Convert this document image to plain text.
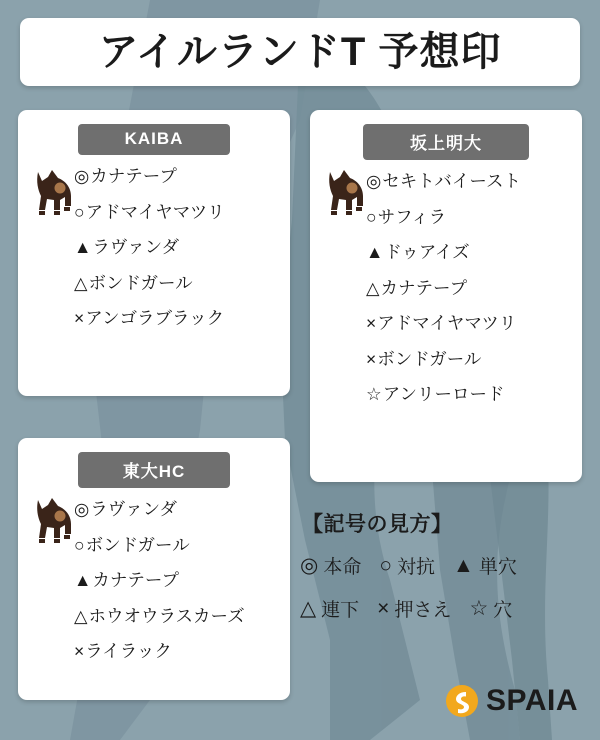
アイルランドT 予想印
KAIBA
◎カナテープ
○アドマイヤマツリ
▲ラヴァンダ
△ボンドガール
×アンゴラブラック
坂上明大
◎セキトバイースト
○サフィラ
▲ドゥアイズ
△カナテープ
×アドマイヤマツリ
×ボンドガール
☆アンリーロード
東大HC
◎ラヴァンダ
○ボンドガール
▲カナテープ
△ホウオウラスカーズ
×ライラック
【記号の見方】
◎ 本命 ○ 対抗 ▲ 単穴
△ 連下 × 押さえ ☆ 穴
SPAIA
